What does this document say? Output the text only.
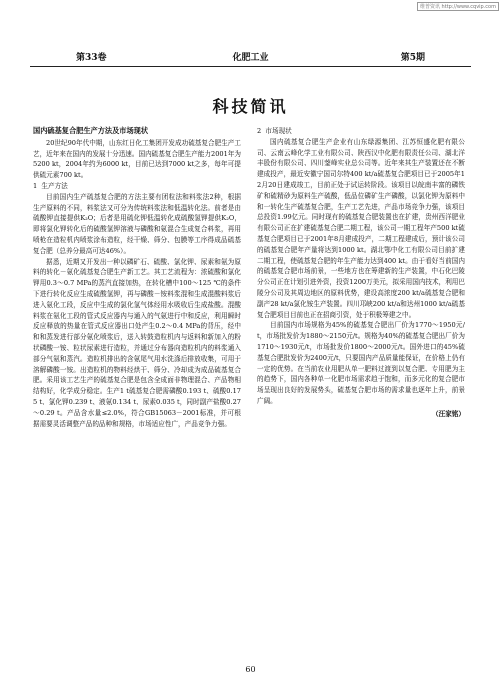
维普资讯 http://www.cqvip.com
第33卷	化肥工业	第5期
科技简讯

国内硫基复合肥生产方法及市场现状

20世纪90年代中期，山东红日化工集团开发成功硫基复合肥生产工艺，近年来在国内的发展十分迅速。国内硫基复合肥生产能力2001年为5200 kt，2004年约为6000 kt，目前已达到7000 kt之多，每年可提供硫元素700 kt。

1 生产方法

目前国内生产硫基复合肥的方法主要有团粒法和料浆法2种，根据生产原料的不同，料浆法又可分为传统料浆法和低温转化法。前者是由硫酸钾直接提供K₂O；后者是用硫化钾低温转化成硫酸氢钾提供K₂O，即将氯化钾转化后的硫酸氢钾溶液与磷酸和氨混合生成复合料浆，再用喷枪在造粒机内喷浆涂布造粒，经干燥、筛分、包膜等工序得成品硫基复合肥（总养分最高可达46%）。

据悉，近期又开发出一种以磷矿石、硫酸、氯化钾、尿素和氨为原料的转化－氨化硫基复合肥生产新工艺。其工艺流程为：浓硫酸和氯化钾用0.3～0.7 MPa的蒸汽直接加热，在转化槽中100～125 ℃的条件下进行转化反应生成硫酸氢钾，再与磷酸－铵料浆混和生成混酸料浆后进入氨化工段，反应中生成的氯化氢气体经用水吸收后生成盐酸。混酸料浆在氨化工段的管式反应器内与通入的气氨进行中和反应，利用瞬时反应释放的热量在管式反应器出口处产生0.2～0.4 MPa的背压，经中和和蒸发进行部分氨化喷浆后，送入转鼓造粒机内与返料和新加入的粉状磷酸一铵、粒状尿素进行造粒，并通过分布器向造粒机内的料浆通入部分气氨和蒸汽。造粒机排出的含氨尾气用水洗涤后排放收集，可用于溶解磷酸一铵。出造粒机的物料经烘干、筛分、冷却成为成品硫基复合肥。采用该工艺生产的硫基复合肥是包含全成面非物理混合、产品物相结构好，化学成分稳定。生产1 t硫基复合肥需磷酸0.193 t、硫酸0.175 t、氯化钾0.239 t、液氨0.134 t、尿素0.035 t，同时副产盐酸0.27～0.29 t。产品含水量≤2.0%，符合GB15063－2001标准，并可根据需要灵活调整产品的品种和规格，市场适应性广，产品竞争力强。

2 市场现状

国内硫基复合肥生产企业有山东绿源集团、江苏恒盛化肥有限公司、云南云峰化学工业有限公司、陕西汉中化肥有限责任公司、湖北洋丰股份有限公司、四川蓥峰实业总公司等。近年来其生产装置还在不断建成投产，最近安徽宁国司尔特400 kt/a硫基复合肥项目已于2005年12月20日建成竣工，目前正处于试运转阶段。该项目以皖南丰富的磷铁矿和硫精砂为原料生产硫酸，低品位磷矿生产磷酸，以氯化钾为原料中和一转化生产硫基复合肥，生产工艺先进，产品市场竞争力强，该项目总投资1.99亿元。同时现有的硫基复合肥装置也在扩建，贵州西洋肥业有限公司正在扩建硫基复合肥二期工程，该公司一期工程年产500 kt硫基复合肥项目已于2001年8月建成投产，二期工程建成后，预计该公司的硫基复合肥年产量将达到1000 kt。湖北鄂中化工有限公司目前扩建二期工程，使硫基复合肥的年生产能力达到400 kt。由于看好当前国内的硫基复合肥市场前景，一些地方也在筹建新的生产装置，中石化巴陵分公司正在计划引进外资，投资1200万美元，拟采用国内技术，利用巴陵分公司及其周边地区的原料优势，建设高浓度200 kt/a硫基复合肥和副产28 kt/a氯化铵生产装置。四川邛峡200 kt/a和达州1000 kt/a硫基复合肥项目目前也正在招商引资，处于积极筹建之中。

目前国内市场规格为45%的硫基复合肥出厂价为1770～1950元/t，市场批发价为1880～2150元/t。规格为40%的硫基复合肥出厂价为1710～1930元/t，市场批发价1800～2000元/t。国外进口的45%硫基复合肥批发价为2400元/t，只要国内产品质量能保证，在价格上仍有一定的优势。在当前农业用肥从单一肥料过渡到以复合肥、专用肥为主的趋势下，国内各种单一化肥市场需求趋于饱和，而多元化的复合肥市场呈现出良好的发展势头，硫基复合肥市场的需求量也逐年上升，前景广阔。

（汪家铭）

60
